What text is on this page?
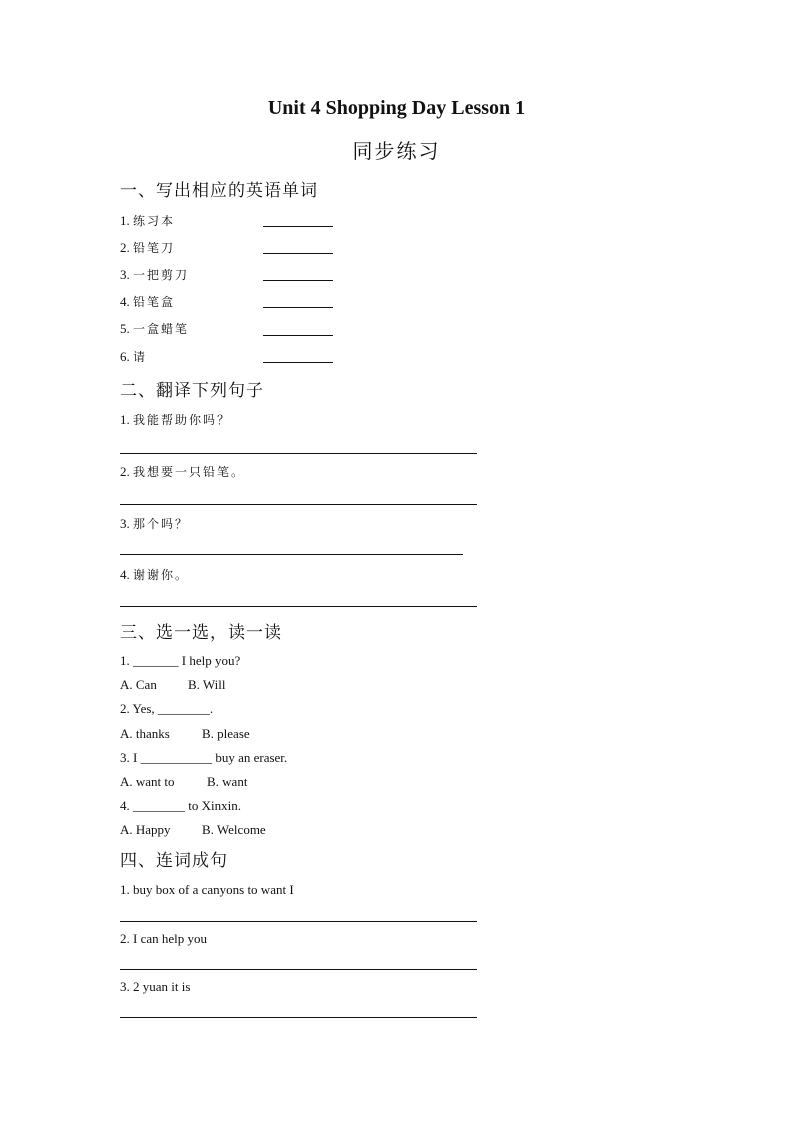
Unit 4 Shopping Day Lesson 1
同步练习
一、写出相应的英语单词
1. 练习本
2. 铅笔刀
3. 一把剪刀
4. 铅笔盒
5. 一盒蜡笔
6. 请
二、翻译下列句子
1. 我能帮助你吗？
2. 我想要一只铅笔。
3. 那个吗？
4. 谢谢你。
三、选一选，读一读
1. _______ I help you?
A. Can B. Will
2. Yes, ________.
A. thanks B. please
3. I ___________ buy an eraser.
A. want to B. want
4. ________ to Xinxin.
A. Happy B. Welcome
四、连词成句
1. buy box of a canyons to want I
2. I can help you
3. 2 yuan it is
